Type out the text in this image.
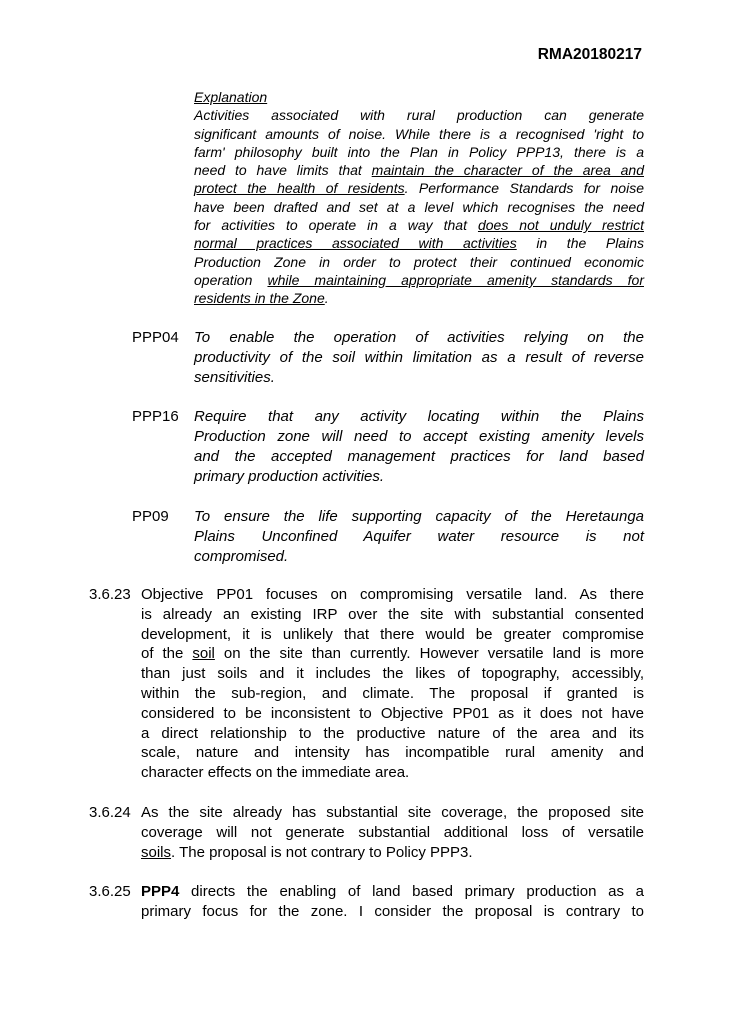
RMA20180217
Explanation
Activities associated with rural production can generate
significant amounts of noise. While there is a recognised 'right to
farm' philosophy built into the Plan in Policy PPP13, there is a
need to have limits that maintain the character of the area and
protect the health of residents. Performance Standards for noise
have been drafted and set at a level which recognises the need
for activities to operate in a way that does not unduly restrict
normal practices associated with activities in the Plains
Production Zone in order to protect their continued economic
operation while maintaining appropriate amenity standards for
residents in the Zone.
PPP04 To enable the operation of activities relying on the
productivity of the soil within limitation as a result of reverse
sensitivities.
PPP16 Require that any activity locating within the Plains
Production zone will need to accept existing amenity levels
and the accepted management practices for land based
primary production activities.
PP09 To ensure the life supporting capacity of the Heretaunga
Plains Unconfined Aquifer water resource is not
compromised.
3.6.23 Objective PP01 focuses on compromising versatile land. As there
is already an existing IRP over the site with substantial consented
development, it is unlikely that there would be greater compromise
of the soil on the site than currently. However versatile land is more
than just soils and it includes the likes of topography, accessibly,
within the sub-region, and climate. The proposal if granted is
considered to be inconsistent to Objective PP01 as it does not have
a direct relationship to the productive nature of the area and its
scale, nature and intensity has incompatible rural amenity and
character effects on the immediate area.
3.6.24 As the site already has substantial site coverage, the proposed site
coverage will not generate substantial additional loss of versatile
soils. The proposal is not contrary to Policy PPP3.
3.6.25 PPP4 directs the enabling of land based primary production as a
primary focus for the zone. I consider the proposal is contrary to
